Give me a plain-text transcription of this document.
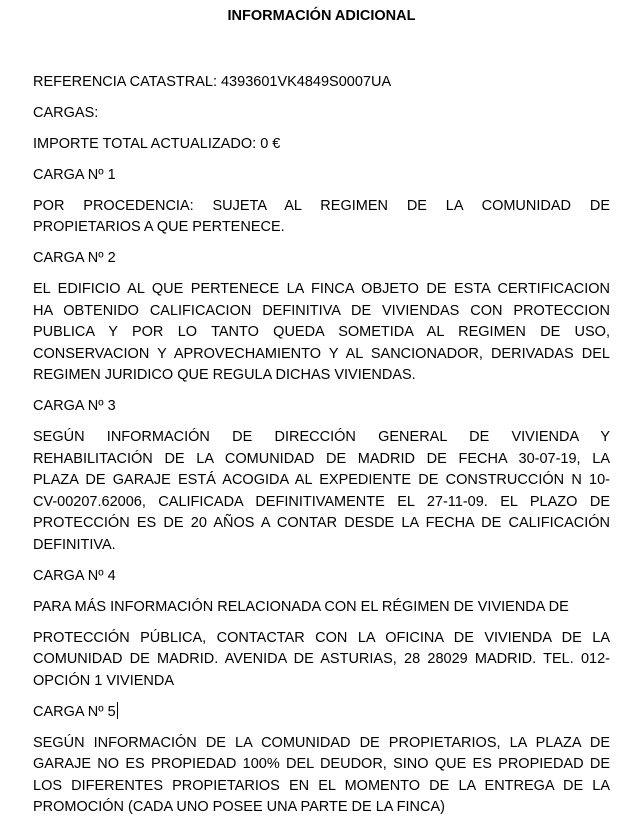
INFORMACIÓN ADICIONAL
REFERENCIA CATASTRAL: 4393601VK4849S0007UA
CARGAS:
IMPORTE TOTAL ACTUALIZADO: 0 €
CARGA Nº 1
POR PROCEDENCIA: SUJETA AL REGIMEN DE LA COMUNIDAD DE
PROPIETARIOS A QUE PERTENECE.
CARGA Nº 2
EL EDIFICIO AL QUE PERTENECE LA FINCA OBJETO DE ESTA CERTIFICACION
HA OBTENIDO CALIFICACION DEFINITIVA DE VIVIENDAS CON PROTECCION
PUBLICA Y POR LO TANTO QUEDA SOMETIDA AL REGIMEN DE USO,
CONSERVACION Y APROVECHAMIENTO Y AL SANCIONADOR, DERIVADAS DEL
REGIMEN JURIDICO QUE REGULA DICHAS VIVIENDAS.
CARGA Nº 3
SEGÚN INFORMACIÓN DE DIRECCIÓN GENERAL DE VIVIENDA Y
REHABILITACIÓN DE LA COMUNIDAD DE MADRID DE FECHA 30-07-19, LA
PLAZA DE GARAJE ESTÁ ACOGIDA AL EXPEDIENTE DE CONSTRUCCIÓN N 10-
CV-00207.62006, CALIFICADA DEFINITIVAMENTE EL 27-11-09. EL PLAZO DE
PROTECCIÓN ES DE 20 AÑOS A CONTAR DESDE LA FECHA DE CALIFICACIÓN
DEFINITIVA.
CARGA Nº 4
PARA MÁS INFORMACIÓN RELACIONADA CON EL RÉGIMEN DE VIVIENDA DE
PROTECCIÓN PÚBLICA, CONTACTAR CON LA OFICINA DE VIVIENDA DE LA
COMUNIDAD DE MADRID. AVENIDA DE ASTURIAS, 28 28029 MADRID. TEL. 012-
OPCIÓN 1 VIVIENDA
CARGA Nº 5
SEGÚN INFORMACIÓN DE LA COMUNIDAD DE PROPIETARIOS, LA PLAZA DE
GARAJE NO ES PROPIEDAD 100% DEL DEUDOR, SINO QUE ES PROPIEDAD DE
LOS DIFERENTES PROPIETARIOS EN EL MOMENTO DE LA ENTREGA DE LA
PROMOCIÓN (CADA UNO POSEE UNA PARTE DE LA FINCA)
